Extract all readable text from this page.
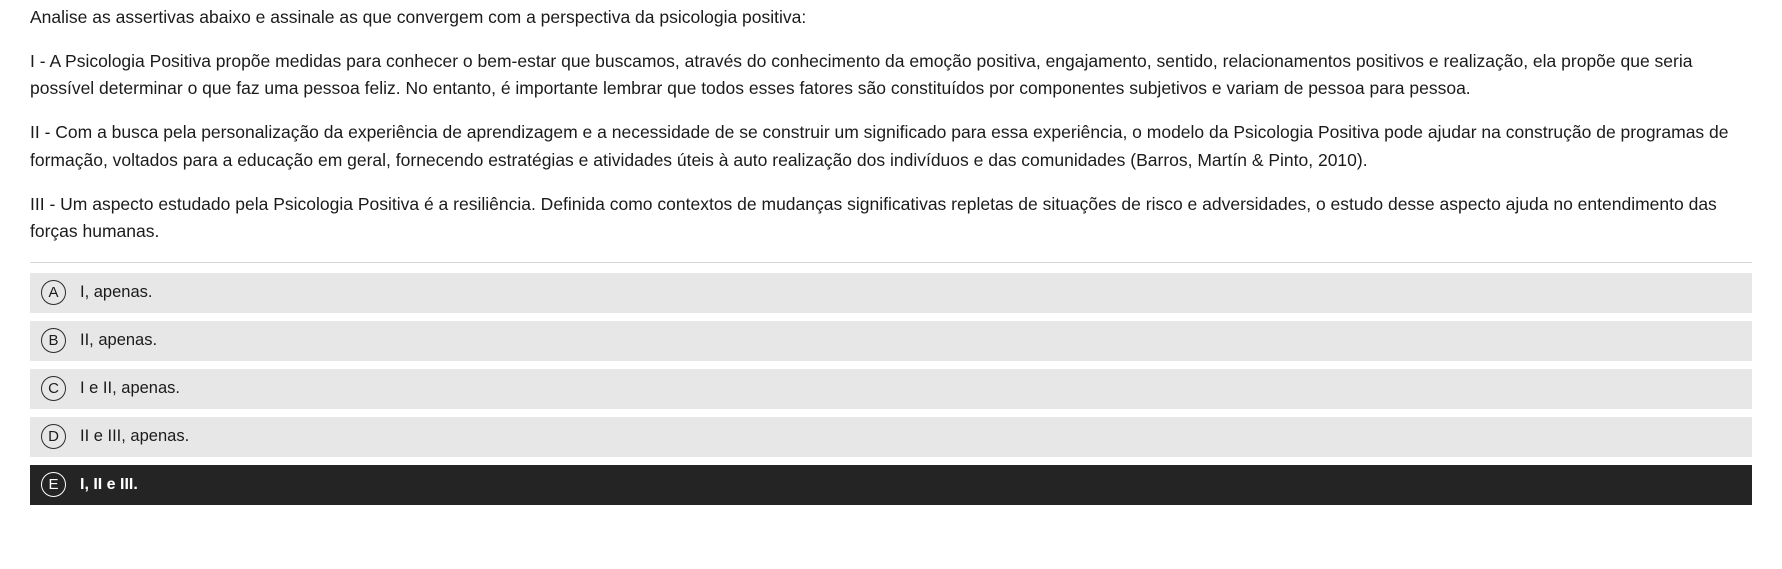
Analise as assertivas abaixo e assinale as que convergem com a perspectiva da psicologia positiva:

I - A Psicologia Positiva propõe medidas para conhecer o bem-estar que buscamos, através do conhecimento da emoção positiva, engajamento, sentido, relacionamentos positivos e realização, ela propõe que seria possível determinar o que faz uma pessoa feliz. No entanto, é importante lembrar que todos esses fatores são constituídos por componentes subjetivos e variam de pessoa para pessoa.

II - Com a busca pela personalização da experiência de aprendizagem e a necessidade de se construir um significado para essa experiência, o modelo da Psicologia Positiva pode ajudar na construção de programas de formação, voltados para a educação em geral, fornecendo estratégias e atividades úteis à auto realização dos indivíduos e das comunidades (Barros, Martín & Pinto, 2010).

III - Um aspecto estudado pela Psicologia Positiva é a resiliência. Definida como contextos de mudanças significativas repletas de situações de risco e adversidades, o estudo desse aspecto ajuda no entendimento das forças humanas.

A	I, apenas.
B	II, apenas.
C	I e II, apenas.
D	II e III, apenas.
E	I, II e III.
